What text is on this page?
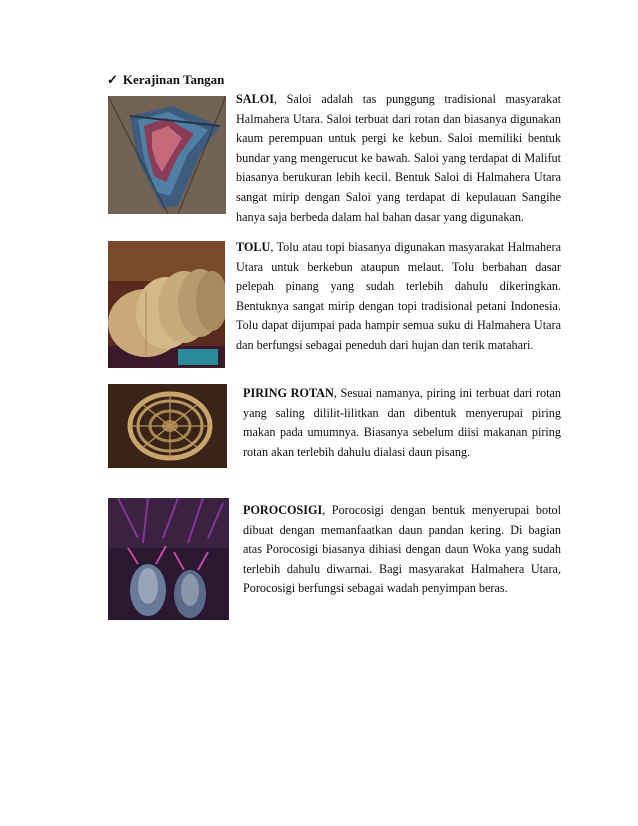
✓ Kerajinan Tangan
SALOI, Saloi adalah tas punggung tradisional masyarakat Halmahera Utara. Saloi terbuat dari rotan dan biasanya digunakan kaum perempuan untuk pergi ke kebun. Saloi memiliki bentuk bundar yang mengerucut ke bawah. Saloi yang terdapat di Malifut biasanya berukuran lebih kecil. Bentuk Saloi di Halmahera Utara sangat mirip dengan Saloi yang terdapat di kepulauan Sangihe hanya saja berbeda dalam hal bahan dasar yang digunakan.
TOLU, Tolu atau topi biasanya digunakan masyarakat Halmahera Utara untuk berkebun ataupun melaut. Tolu berbahan dasar pelepah pinang yang sudah terlebih dahulu dikeringkan. Bentuknya sangat mirip dengan topi tradisional petani Indonesia. Tolu dapat dijumpai pada hampir semua suku di Halmahera Utara dan berfungsi sebagai peneduh dari hujan dan terik matahari.
PIRING ROTAN, Sesuai namanya, piring ini terbuat dari rotan yang saling dililit-lilitkan dan dibentuk menyerupai piring makan pada umumnya. Biasanya sebelum diisi makanan piring rotan akan terlebih dahulu dialasi daun pisang.
POROCOSIGI, Porocosigi dengan bentuk menyerupai botol dibuat dengan memanfaatkan daun pandan kering. Di bagian atas Porocosigi biasanya dihiasi dengan daun Woka yang sudah terlebih dahulu diwarnai. Bagi masyarakat Halmahera Utara, Porocosigi berfungsi sebagai wadah penyimpan beras.
